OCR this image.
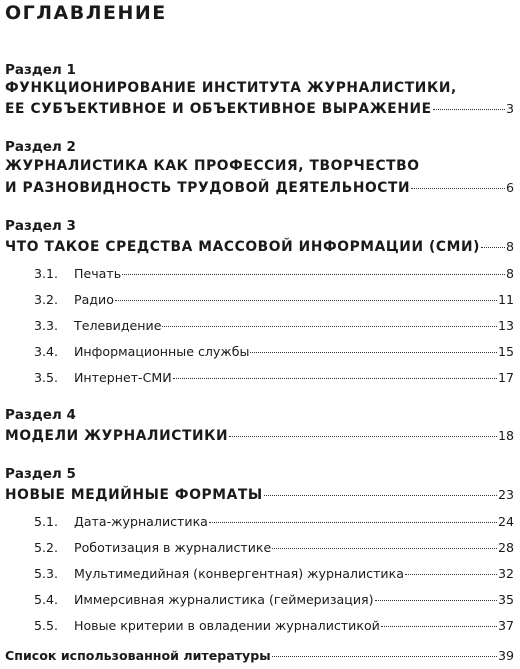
ОГЛАВЛЕНИЕ
Раздел 1
ФУНКЦИОНИРОВАНИЕ ИНСТИТУТА ЖУРНАЛИСТИКИ,
ЕЕ СУБЪЕКТИВНОЕ И ОБЪЕКТИВНОЕ ВЫРАЖЕНИЕ	3
Раздел 2
ЖУРНАЛИСТИКА КАК ПРОФЕССИЯ, ТВОРЧЕСТВО
И РАЗНОВИДНОСТЬ ТРУДОВОЙ ДЕЯТЕЛЬНОСТИ	6
Раздел 3
ЧТО ТАКОЕ СРЕДСТВА МАССОВОЙ ИНФОРМАЦИИ (СМИ) 8
3.1.	Печать	8
3.2.	Радио	11
3.3.	Телевидение	13
3.4.	Информационные службы	15
3.5.	Интернет-СМИ	17
Раздел 4
МОДЕЛИ ЖУРНАЛИСТИКИ	18
Раздел 5
НОВЫЕ МЕДИЙНЫЕ ФОРМАТЫ	23
5.1.	Дата-журналистика	24
5.2.	Роботизация в журналистике	28
5.3.	Мультимедийная (конвергентная) журналистика	32
5.4.	Иммерсивная журналистика (геймеризация)	35
5.5.	Новые критерии в овладении журналистикой	37
Список использованной литературы	39
